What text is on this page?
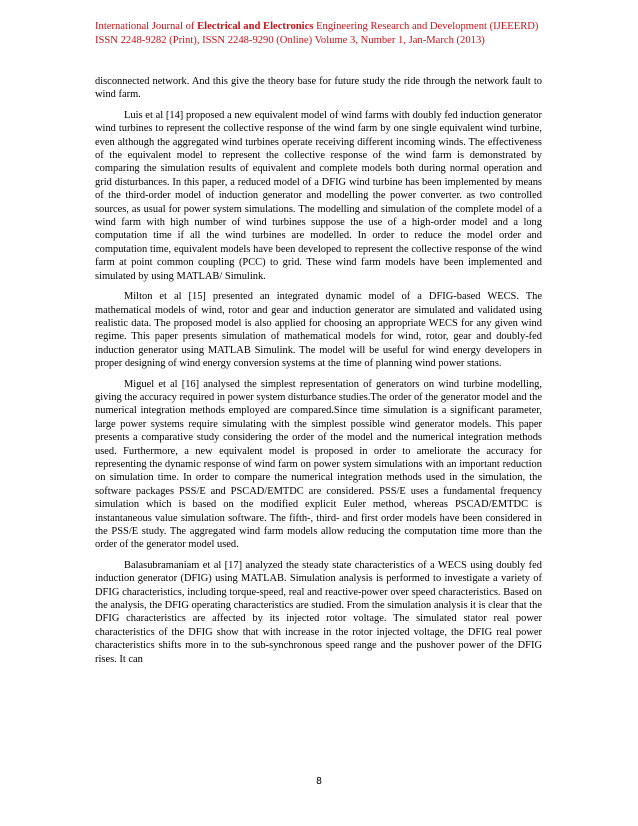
International Journal of Electrical and Electronics Engineering Research and Development (IJEEERD)
ISSN 2248-9282 (Print), ISSN 2248-9290 (Online) Volume 3, Number 1, Jan-March (2013)

disconnected network. And this give the theory base for future study the ride through the network fault to wind farm.

Luis et al [14] proposed a new equivalent model of wind farms with doubly fed induction generator wind turbines to represent the collective response of the wind farm by one single equivalent wind turbine, even although the aggregated wind turbines operate receiving different incoming winds. The effectiveness of the equivalent model to represent the collective response of the wind farm is demonstrated by comparing the simulation results of equivalent and complete models both during normal operation and grid disturbances. In this paper, a reduced model of a DFIG wind turbine has been implemented by means of the third-order model of induction generator and modelling the power converter. as two controlled sources, as usual for power system simulations. The modelling and simulation of the complete model of a wind farm with high number of wind turbines suppose the use of a high-order model and a long computation time if all the wind turbines are modelled. In order to reduce the model order and computation time, equivalent models have been developed to represent the collective response of the wind farm at point common coupling (PCC) to grid. These wind farm models have been implemented and simulated by using MATLAB/ Simulink.

Milton et al [15] presented an integrated dynamic model of a DFIG-based WECS. The mathematical models of wind, rotor and gear and induction generator are simulated and validated using realistic data. The proposed model is also applied for choosing an appropriate WECS for any given wind regime. This paper presents simulation of mathematical models for wind, rotor, gear and doubly-fed induction generator using MATLAB Simulink. The model will be useful for wind energy developers in proper designing of wind energy conversion systems at the time of planning wind power stations.

Miguel et al [16] analysed the simplest representation of generators on wind turbine modelling, giving the accuracy required in power system disturbance studies.The order of the generator model and the numerical integration methods employed are compared.Since time simulation is a significant parameter, large power systems require simulating with the simplest possible wind generator models. This paper presents a comparative study considering the order of the model and the numerical integration methods used. Furthermore, a new equivalent model is proposed in order to ameliorate the accuracy for representing the dynamic response of wind farm on power system simulations with an important reduction on simulation time. In order to compare the numerical integration methods used in the simulation, the software packages PSS/E and PSCAD/EMTDC are considered. PSS/E uses a fundamental frequency simulation which is based on the modified explicit Euler method, whereas PSCAD/EMTDC is instantaneous value simulation software. The fifth-, third- and first order models have been considered in the PSS/E study. The aggregated wind farm models allow reducing the computation time more than the order of the generator model used.

Balasubramaniam et al [17] analyzed the steady state characteristics of a WECS using doubly fed induction generator (DFIG) using MATLAB. Simulation analysis is performed to investigate a variety of DFIG characteristics, including torque-speed, real and reactive-power over speed characteristics. Based on the analysis, the DFIG operating characteristics are studied. From the simulation analysis it is clear that the DFIG characteristics are affected by its injected rotor voltage. The simulated stator real power characteristics of the DFIG show that with increase in the rotor injected voltage, the DFIG real power characteristics shifts more in to the sub-synchronous speed range and the pushover power of the DFIG rises. It can

8
